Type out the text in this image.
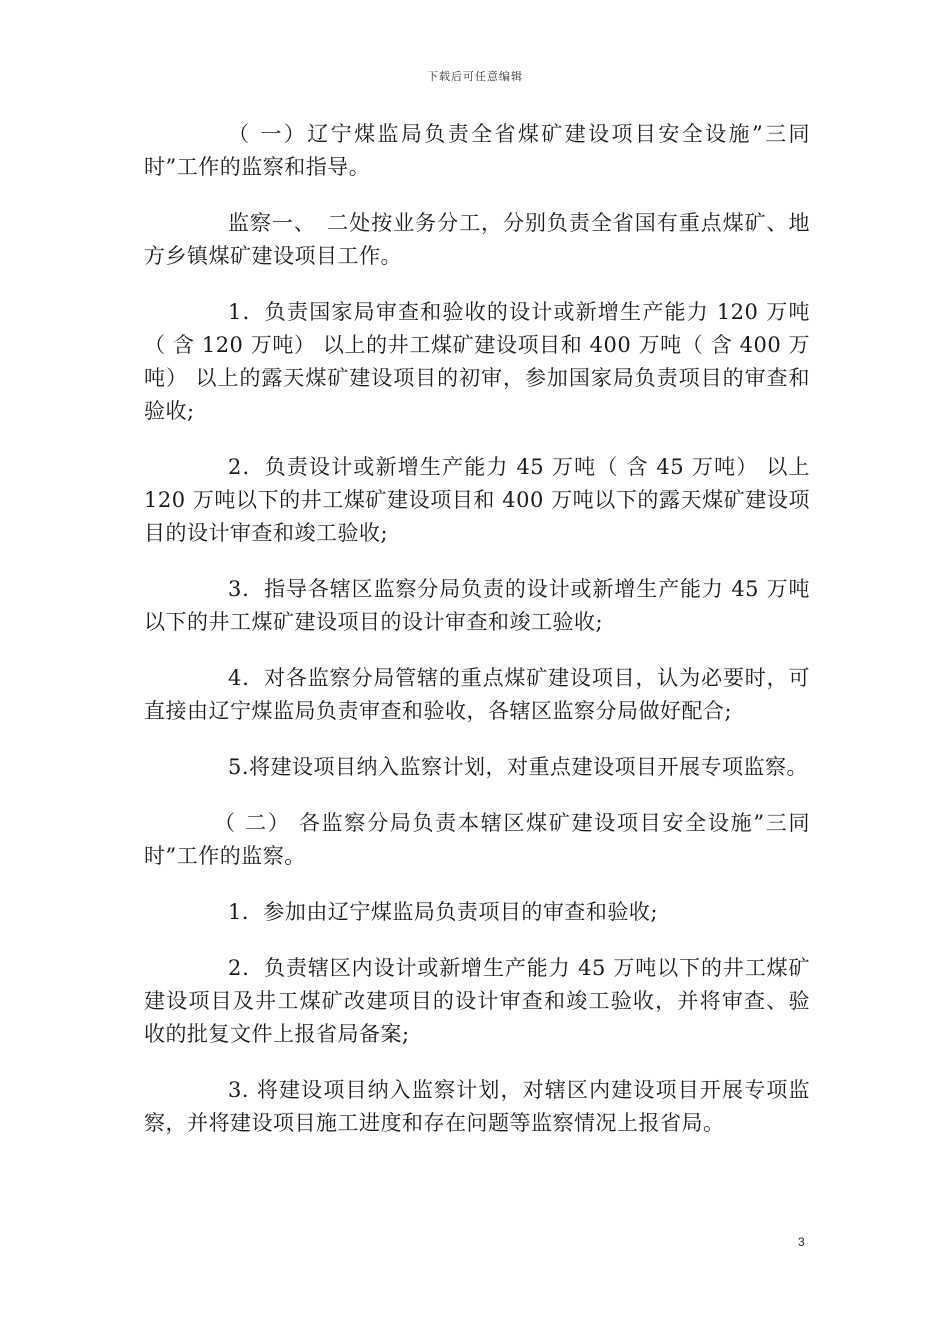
下载后可任意编辑

（ 一）辽宁煤监局负责全省煤矿建设项目安全设施”三同时”工作的监察和指导。

监察一、　二处按业务分工，分别负责全省国有重点煤矿、地方乡镇煤矿建设项目工作。

1．负责国家局审查和验收的设计或新增生产能力 120 万吨（ 含 120 万吨） 以上的井工煤矿建设项目和 400 万吨（ 含 400 万吨） 以上的露天煤矿建设项目的初审，参加国家局负责项目的审查和验收;

2．负责设计或新增生产能力 45 万吨（ 含 45 万吨） 以上 120 万吨以下的井工煤矿建设项目和 400 万吨以下的露天煤矿建设项目的设计审查和竣工验收;

3．指导各辖区监察分局负责的设计或新增生产能力 45 万吨以下的井工煤矿建设项目的设计审查和竣工验收;

4．对各监察分局管辖的重点煤矿建设项目，认为必要时，可直接由辽宁煤监局负责审查和验收，各辖区监察分局做好配合;

5.将建设项目纳入监察计划，对重点建设项目开展专项监察。

（ 二） 各监察分局负责本辖区煤矿建设项目安全设施”三同时”工作的监察。

1．参加由辽宁煤监局负责项目的审查和验收;

2．负责辖区内设计或新增生产能力 45 万吨以下的井工煤矿建设项目及井工煤矿改建项目的设计审查和竣工验收，并将审查、验收的批复文件上报省局备案;

3. 将建设项目纳入监察计划，对辖区内建设项目开展专项监察，并将建设项目施工进度和存在问题等监察情况上报省局。

3
